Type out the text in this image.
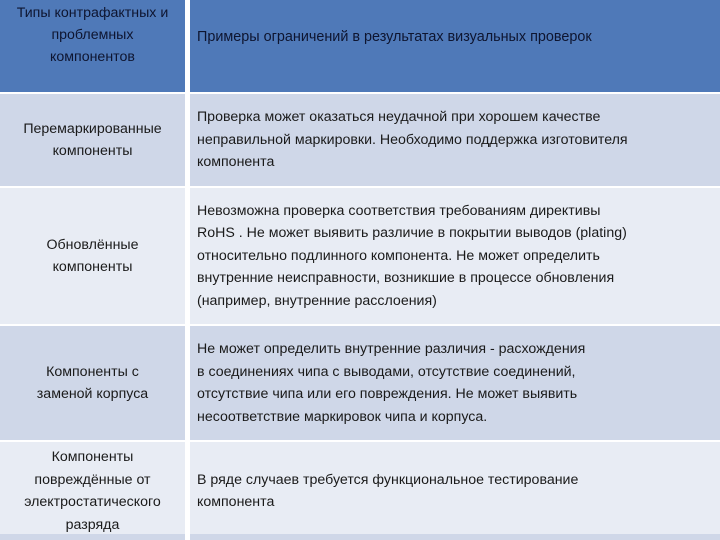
Типы контрафактных и
проблемных
компонентов
Примеры ограничений в результатах визуальных проверок
Перемаркированные
компоненты
Проверка может оказаться неудачной при хорошем качестве
неправильной маркировки. Необходимо поддержка изготовителя
компонента
Обновлённые
компоненты
Невозможна проверка соответствия требованиям директивы
RoHS . Не может выявить различие в покрытии выводов (plating)
относительно подлинного компонента. Не может определить
внутренние неисправности, возникшие в процессе обновления
(например, внутренние расслоения)
Компоненты с
заменой корпуса
Не может определить внутренние различия - расхождения
в соединениях чипа с выводами, отсутствие соединений,
отсутствие чипа или его повреждения. Не может выявить
несоответствие маркировок чипа и корпуса.
Компоненты
повреждённые от
электростатического
разряда
В ряде случаев требуется функциональное тестирование
компонента
